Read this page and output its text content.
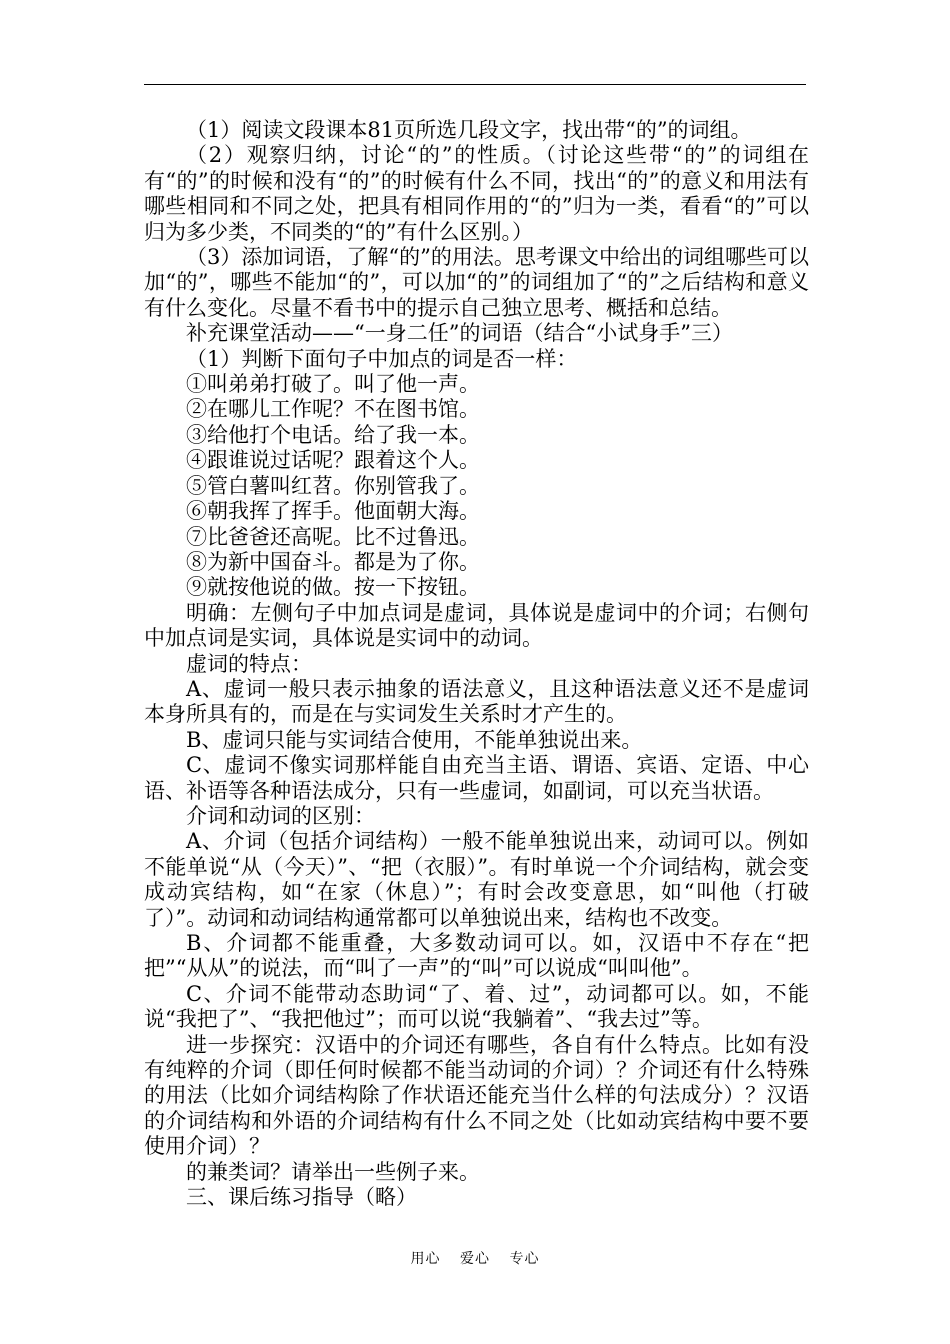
（1）阅读文段课本81页所选几段文字，找出带“的”的词组。

（2）观察归纳，讨论“的”的性质。（讨论这些带“的”的词组在有“的”的时候和没有“的”的时候有什么不同，找出“的”的意义和用法有哪些相同和不同之处，把具有相同作用的“的”归为一类，看看“的”可以归为多少类，不同类的“的”有什么区别。）

（3）添加词语，了解“的”的用法。思考课文中给出的词组哪些可以加“的”，哪些不能加“的”，可以加“的”的词组加了“的”之后结构和意义有什么变化。尽量不看书中的提示自己独立思考、概括和总结。

补充课堂活动——“一身二任”的词语（结合“小试身手”三）

（1）判断下面句子中加点的词是否一样：

①叫弟弟打破了。叫了他一声。

②在哪儿工作呢？不在图书馆。

③给他打个电话。给了我一本。

④跟谁说过话呢？跟着这个人。

⑤管白薯叫红苕。你别管我了。

⑥朝我挥了挥手。他面朝大海。

⑦比爸爸还高呢。比不过鲁迅。

⑧为新中国奋斗。都是为了你。

⑨就按他说的做。按一下按钮。

明确：左侧句子中加点词是虚词，具体说是虚词中的介词；右侧句中加点词是实词，具体说是实词中的动词。

虚词的特点：

A、虚词一般只表示抽象的语法意义，且这种语法意义还不是虚词本身所具有的，而是在与实词发生关系时才产生的。

B、虚词只能与实词结合使用，不能单独说出来。

C、虚词不像实词那样能自由充当主语、谓语、宾语、定语、中心语、补语等各种语法成分，只有一些虚词，如副词，可以充当状语。

介词和动词的区别：

A、介词（包括介词结构）一般不能单独说出来，动词可以。例如不能单说“从（今天）”、“把（衣服）”。有时单说一个介词结构，就会变成动宾结构，如“在家（休息）”；有时会改变意思，如“叫他（打破了）”。动词和动词结构通常都可以单独说出来，结构也不改变。

B、介词都不能重叠，大多数动词可以。如，汉语中不存在“把把”“从从”的说法，而“叫了一声”的“叫”可以说成“叫叫他”。

C、介词不能带动态助词“了、着、过”，动词都可以。如，不能说“我把了”、“我把他过”；而可以说“我躺着”、“我去过”等。

进一步探究：汉语中的介词还有哪些，各自有什么特点。比如有没有纯粹的介词（即任何时候都不能当动词的介词）？介词还有什么特殊的用法（比如介词结构除了作状语还能充当什么样的句法成分）？汉语的介词结构和外语的介词结构有什么不同之处（比如动宾结构中要不要使用介词）？

的兼类词？请举出一些例子来。

三、课后练习指导（略）

用心 爱心 专心
